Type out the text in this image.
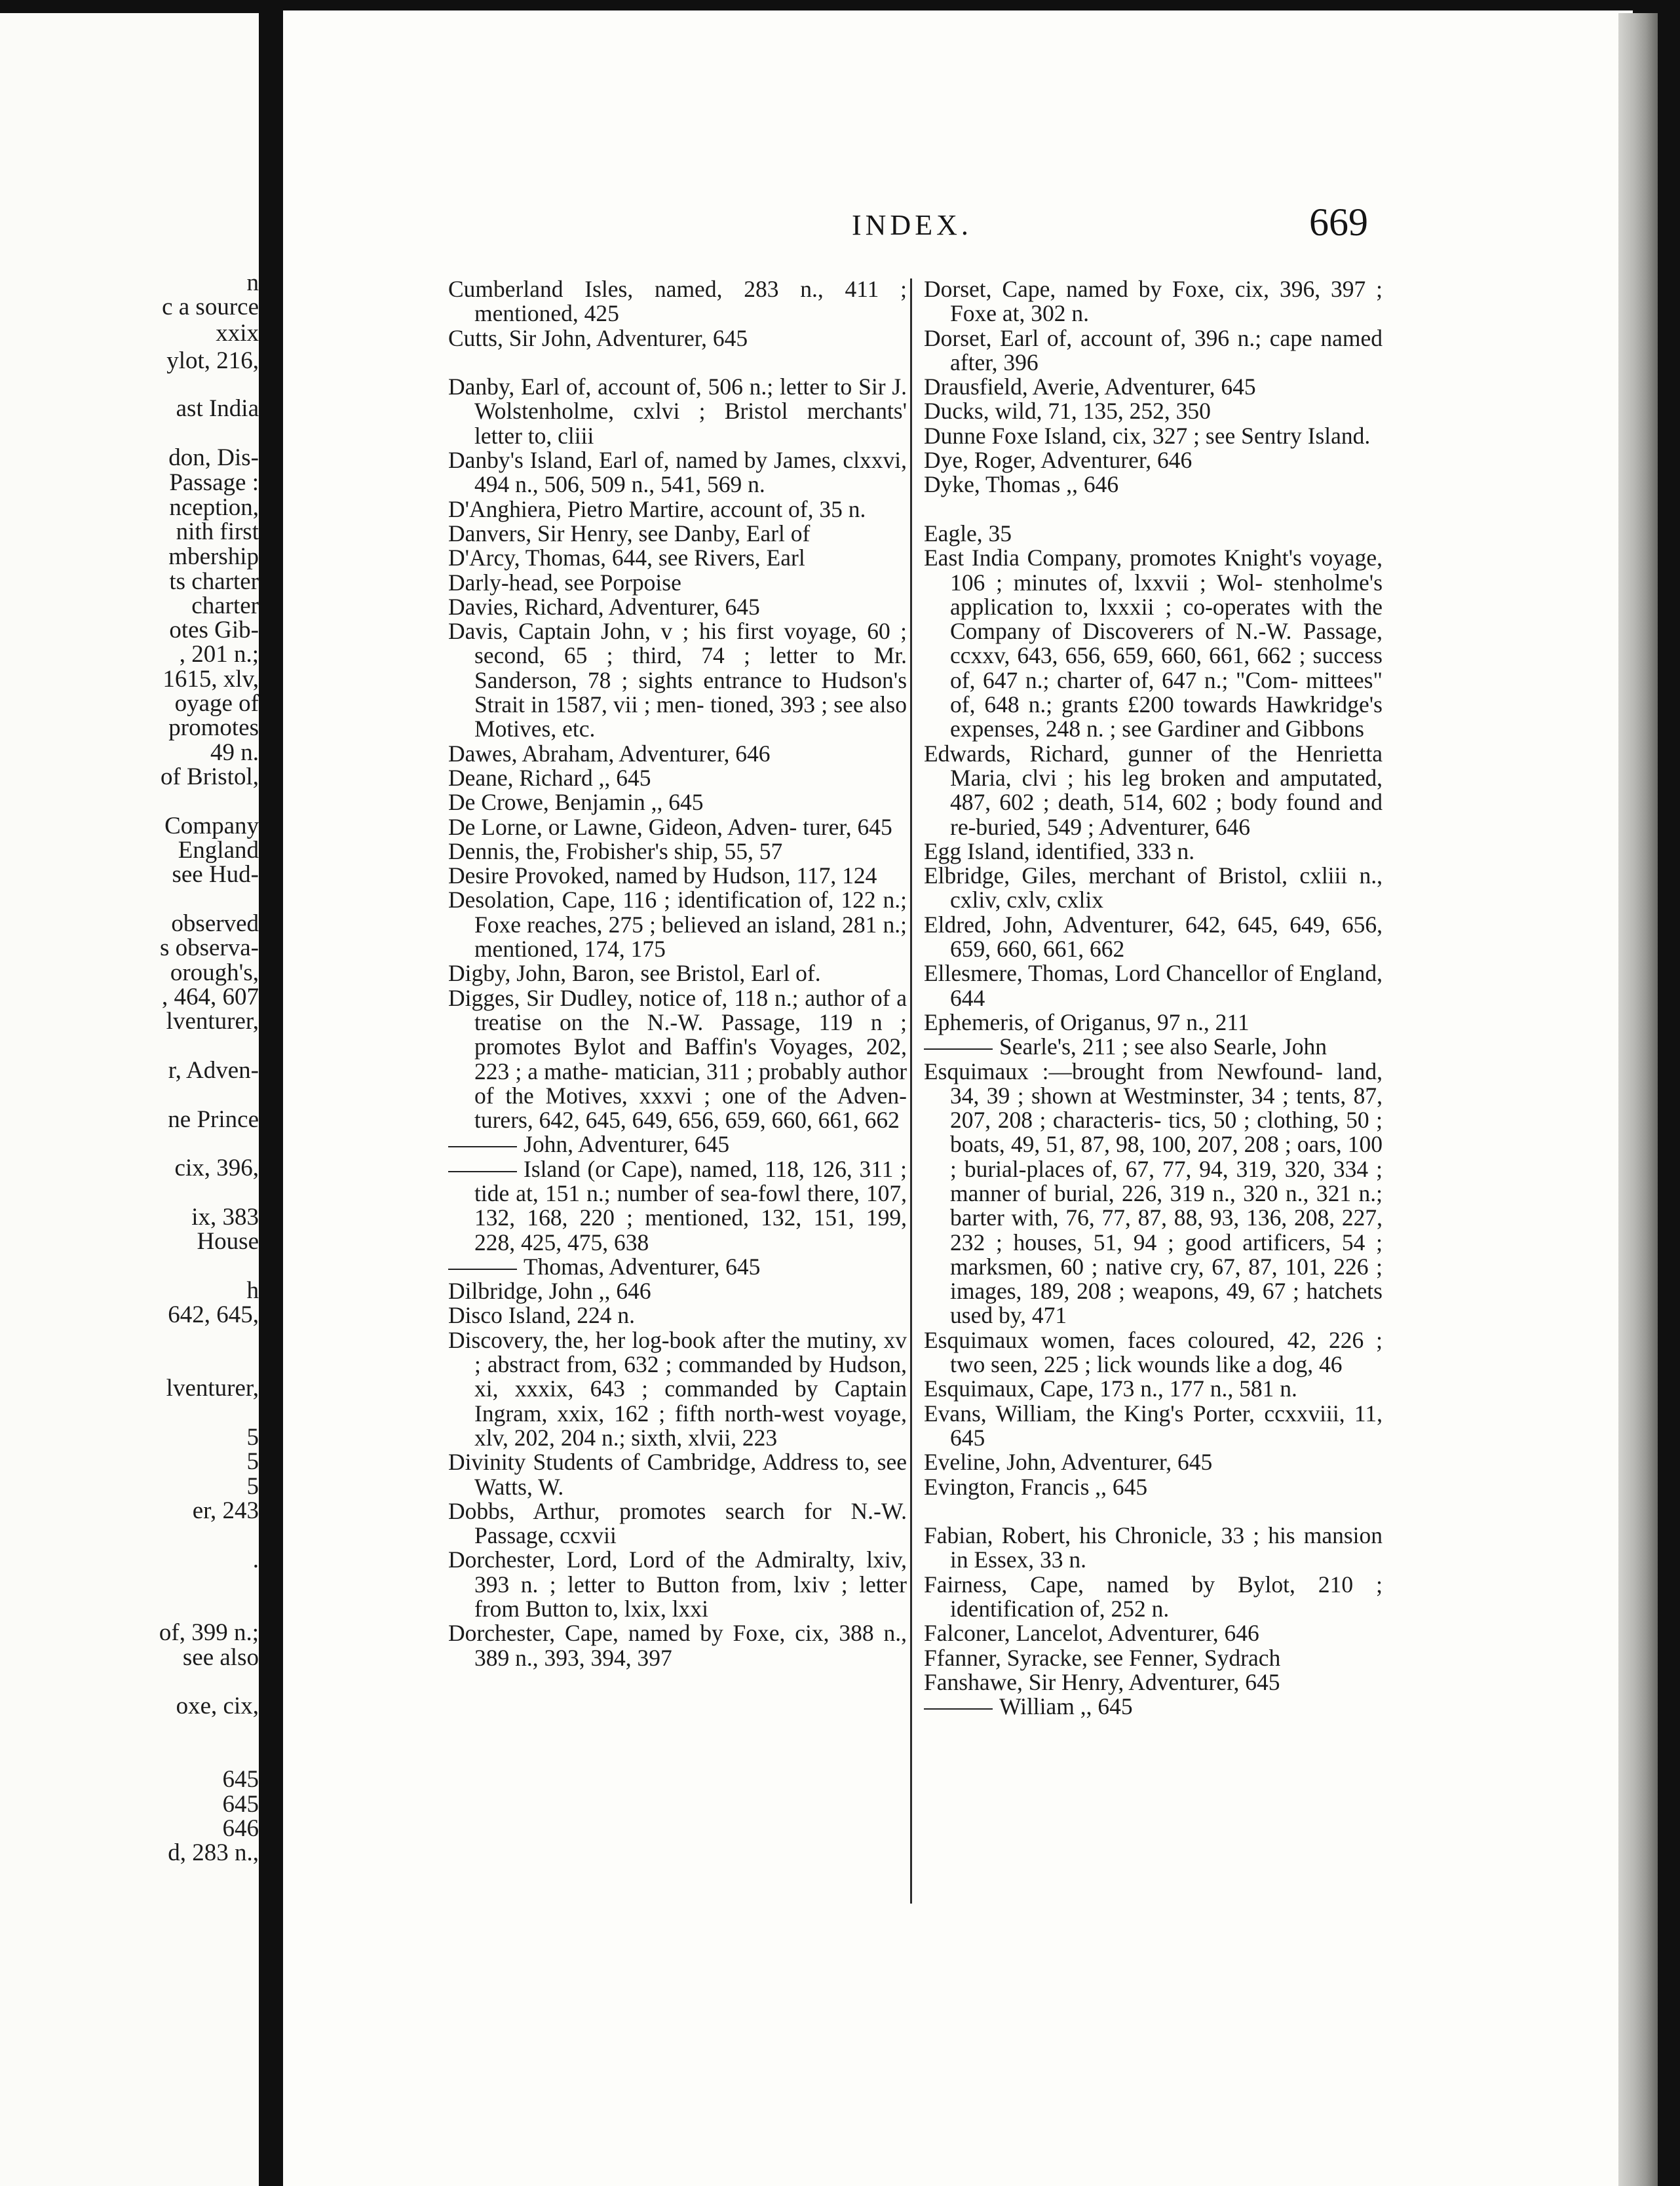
n
c a source
xxix
ylot, 216,
ast India
don, Dis-
Passage :
nception,
nith first
mbership
ts charter
charter
otes Gib-
, 201 n.;
1615, xlv,
oyage of
promotes
49 n.
of Bristol,
Company
England
see Hud-
observed
s observa-
orough's,
, 464, 607
lventurer,
r, Adven-
ne Prince
cix, 396,
ix, 383
House
h
642, 645,
lventurer,
5
5
5
er, 243
.
of, 399 n.;
see also
oxe, cix,
645
645
646
d, 283 n.,
INDEX.	669

Cumberland Isles, named, 283 n., 411 ; mentioned, 425

Cutts, Sir John, Adventurer, 645

Danby, Earl of, account of, 506 n.; letter to Sir J. Wolstenholme, cxlvi ; Bristol merchants' letter to, cliii

Danby's Island, Earl of, named by James, clxxvi, 494 n., 506, 509 n., 541, 569 n.

D'Anghiera, Pietro Martire, account of, 35 n.

Danvers, Sir Henry, see Danby, Earl of

D'Arcy, Thomas, 644, see Rivers, Earl

Darly-head, see Porpoise

Davies, Richard, Adventurer, 645

Davis, Captain John, v ; his first voyage, 60 ; second, 65 ; third, 74 ; letter to Mr. Sanderson, 78 ; sights entrance to Hudson's Strait in 1587, vii ; men- tioned, 393 ; see also Motives, etc.

Dawes, Abraham, Adventurer, 646

Deane, Richard ,, 645

De Crowe, Benjamin ,, 645

De Lorne, or Lawne, Gideon, Adven- turer, 645

Dennis, the, Frobisher's ship, 55, 57

Desire Provoked, named by Hudson, 117, 124

Desolation, Cape, 116 ; identification of, 122 n.; Foxe reaches, 275 ; believed an island, 281 n.; mentioned, 174, 175

Digby, John, Baron, see Bristol, Earl of.

Digges, Sir Dudley, notice of, 118 n.; author of a treatise on the N.-W. Passage, 119 n ; promotes Bylot and Baffin's Voyages, 202, 223 ; a mathe- matician, 311 ; probably author of the Motives, xxxvi ; one of the Adven- turers, 642, 645, 649, 656, 659, 660, 661, 662

John, Adventurer, 645

Island (or Cape), named, 118, 126, 311 ; tide at, 151 n.; number of sea-fowl there, 107, 132, 168, 220 ; mentioned, 132, 151, 199, 228, 425, 475, 638

Thomas, Adventurer, 645

Dilbridge, John ,, 646

Disco Island, 224 n.

Discovery, the, her log-book after the mutiny, xv ; abstract from, 632 ; commanded by Hudson, xi, xxxix, 643 ; commanded by Captain Ingram, xxix, 162 ; fifth north-west voyage, xlv, 202, 204 n.; sixth, xlvii, 223

Divinity Students of Cambridge, Address to, see Watts, W.

Dobbs, Arthur, promotes search for N.-W. Passage, ccxvii

Dorchester, Lord, Lord of the Admiralty, lxiv, 393 n. ; letter to Button from, lxiv ; letter from Button to, lxix, lxxi

Dorchester, Cape, named by Foxe, cix, 388 n., 389 n., 393, 394, 397

Dorset, Cape, named by Foxe, cix, 396, 397 ; Foxe at, 302 n.

Dorset, Earl of, account of, 396 n.; cape named after, 396

Drausfield, Averie, Adventurer, 645

Ducks, wild, 71, 135, 252, 350

Dunne Foxe Island, cix, 327 ; see Sentry Island.

Dye, Roger, Adventurer, 646

Dyke, Thomas ,, 646

Eagle, 35

East India Company, promotes Knight's voyage, 106 ; minutes of, lxxvii ; Wol- stenholme's application to, lxxxii ; co-operates with the Company of Discoverers of N.-W. Passage, ccxxv, 643, 656, 659, 660, 661, 662 ; success of, 647 n.; charter of, 647 n.; "Com- mittees" of, 648 n.; grants £200 towards Hawkridge's expenses, 248 n. ; see Gardiner and Gibbons

Edwards, Richard, gunner of the Henrietta Maria, clvi ; his leg broken and amputated, 487, 602 ; death, 514, 602 ; body found and re-buried, 549 ; Adventurer, 646

Egg Island, identified, 333 n.

Elbridge, Giles, merchant of Bristol, cxliii n., cxliv, cxlv, cxlix

Eldred, John, Adventurer, 642, 645, 649, 656, 659, 660, 661, 662

Ellesmere, Thomas, Lord Chancellor of England, 644

Ephemeris, of Origanus, 97 n., 211

Searle's, 211 ; see also Searle, John

Esquimaux :—brought from Newfound- land, 34, 39 ; shown at Westminster, 34 ; tents, 87, 207, 208 ; characteris- tics, 50 ; clothing, 50 ; boats, 49, 51, 87, 98, 100, 207, 208 ; oars, 100 ; burial-places of, 67, 77, 94, 319, 320, 334 ; manner of burial, 226, 319 n., 320 n., 321 n.; barter with, 76, 77, 87, 88, 93, 136, 208, 227, 232 ; houses, 51, 94 ; good artificers, 54 ; marksmen, 60 ; native cry, 67, 87, 101, 226 ; images, 189, 208 ; weapons, 49, 67 ; hatchets used by, 471

Esquimaux women, faces coloured, 42, 226 ; two seen, 225 ; lick wounds like a dog, 46

Esquimaux, Cape, 173 n., 177 n., 581 n.

Evans, William, the King's Porter, ccxxviii, 11, 645

Eveline, John, Adventurer, 645

Evington, Francis ,, 645

Fabian, Robert, his Chronicle, 33 ; his mansion in Essex, 33 n.

Fairness, Cape, named by Bylot, 210 ; identification of, 252 n.

Falconer, Lancelot, Adventurer, 646

Ffanner, Syracke, see Fenner, Sydrach

Fanshawe, Sir Henry, Adventurer, 645

William ,, 645
